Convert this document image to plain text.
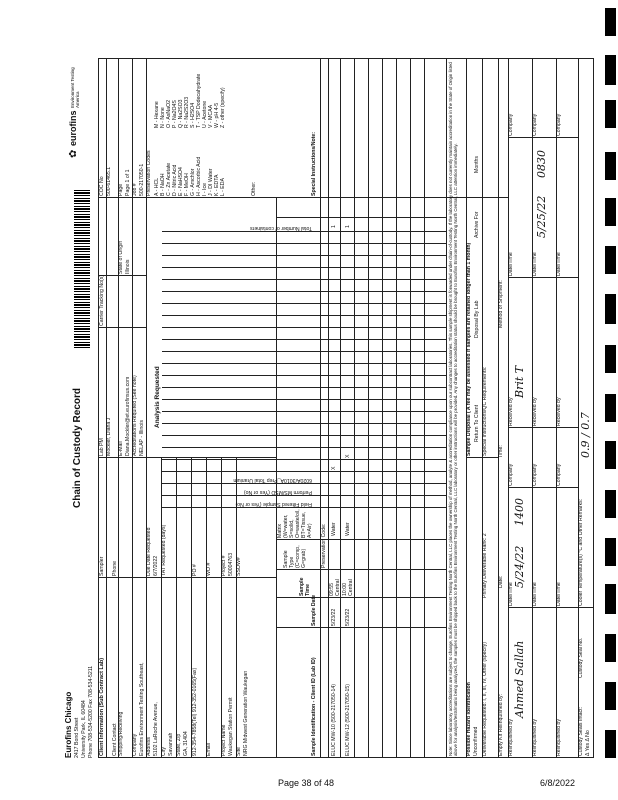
Page 38 of 48	6/8/2022
Eurofins Chicago 2417 Bond Street University Park, IL 60484 Phone 708-534-5200 Fax 708-534-5211
Chain of Custody Record
✿
eurofins
Environment Testing America
Client Information (Sub Contract Lab)
Sampler
Lab PM Mockler, Diana J
Carrier Tracking No(s)
COC No 500-61465.1
Client Contact Shipping/Receiving
Phone
E-Mail Diana.Mockler@et.eurofinsus.com
State of Origin Illinois
Page Page 1 of 1
Company Eurofins Environment Testing Southeast,
Accreditations Required (See note) NELAP - Illinois
Job # 500-217050-1
Address 5102 LaRoche Avenue,
Due Date Requested 6/7/2022
Analysis Requested
Preservation Codes
City Savannah
TAT Requested (days)
State, Zip GA, 31404 912-354-7858(Tel) 912-352-0165(Fax)
PO #
Email
WO #
Project Name Waukegan Station Permit
Project # 50004763
Site NRG Midwest Generation Waukegan
SSOW#
A - HCL B - NaOH C - Zn Acetate D - Nitric Acid E - NaHSO4 F - MeOH G - Amchlor H - Ascorbic Acid I - Ice J - DI Water K - EDTA L - EDA
M - Hexane N - None O - AsNaO2 P - Na2O4S Q - Na2SO3 R - Na2S2O3 S - H2SO4 T - TSP Dodecahydrate U - Acetone V - MCAA W - pH 4-5 Z - other (specify)
Other:
Sample Identification - Client ID (Lab ID)
Sample Date
Sample Time
Sample Type (C=comp, G=grab)
Matrix (W=water, S=solid, O=waste/oil, BT=Tissue, A=Air)
Field Filtered Sample (Yes or No)
Perform MS/MSD (Yes or No)
6020A/3010A_Prep Total Uranium
Total Number of containers
Special Instructions/Note:
Preservation Code:
ELUC MW-10 (500-217050-14)
5/23/22
09:55 Central
Water
X
1
ELUC MW-12 (500-217050-15)
5/23/22
10:00 Central
Water
X
1	Note: Since laboratory accreditations are subject to change, Eurofins Environment Testing North Central, LLC places the ownership of method, analyte & accreditation compliance upon our subcontract laboratories. This sample shipment is forwarded under chain-of-custody. If the laboratory does not currently maintain accreditation in the State of Origin listed above for analysis/tests/matrix being analyzed, the samples must be shipped back to the Eurofins Environment Testing North Central, LLC laboratory or other instructions will be provided. Any changes to accreditation status should be brought to Eurofins Environment Testing North Central, LLC attention immediately. Possible Hazard Identification Unconfirmed
Sample Disposal ( A fee may be assessed if samples are retained longer than 1 month) Return To Client
Disposal By Lab
Archive For
Months
Deliverable Requested: I, II, III, IV, Other (specify)
Primary Deliverable Rank: 2
Special Instructions/QC Requirements:
Empty Kit Relinquished by:
Date:
Time:
Method of Shipment:
Relinquished by
Ahmed Sallah
Date/Time
5/24/22
1400
Company
Received by
Brit T
Date/Time
Company
Relinquished by
Date/Time
Company
Received by
Date/Time
5/25/22
0830
Company
Relinquished by
Date/Time
Company
Received by
Date/Time
Company
Custody Seals Intact: Δ Yes Δ No
Custody Seal No.
Cooler Temperature(s) °C and Other Remarks:
0.9 / 0.7
